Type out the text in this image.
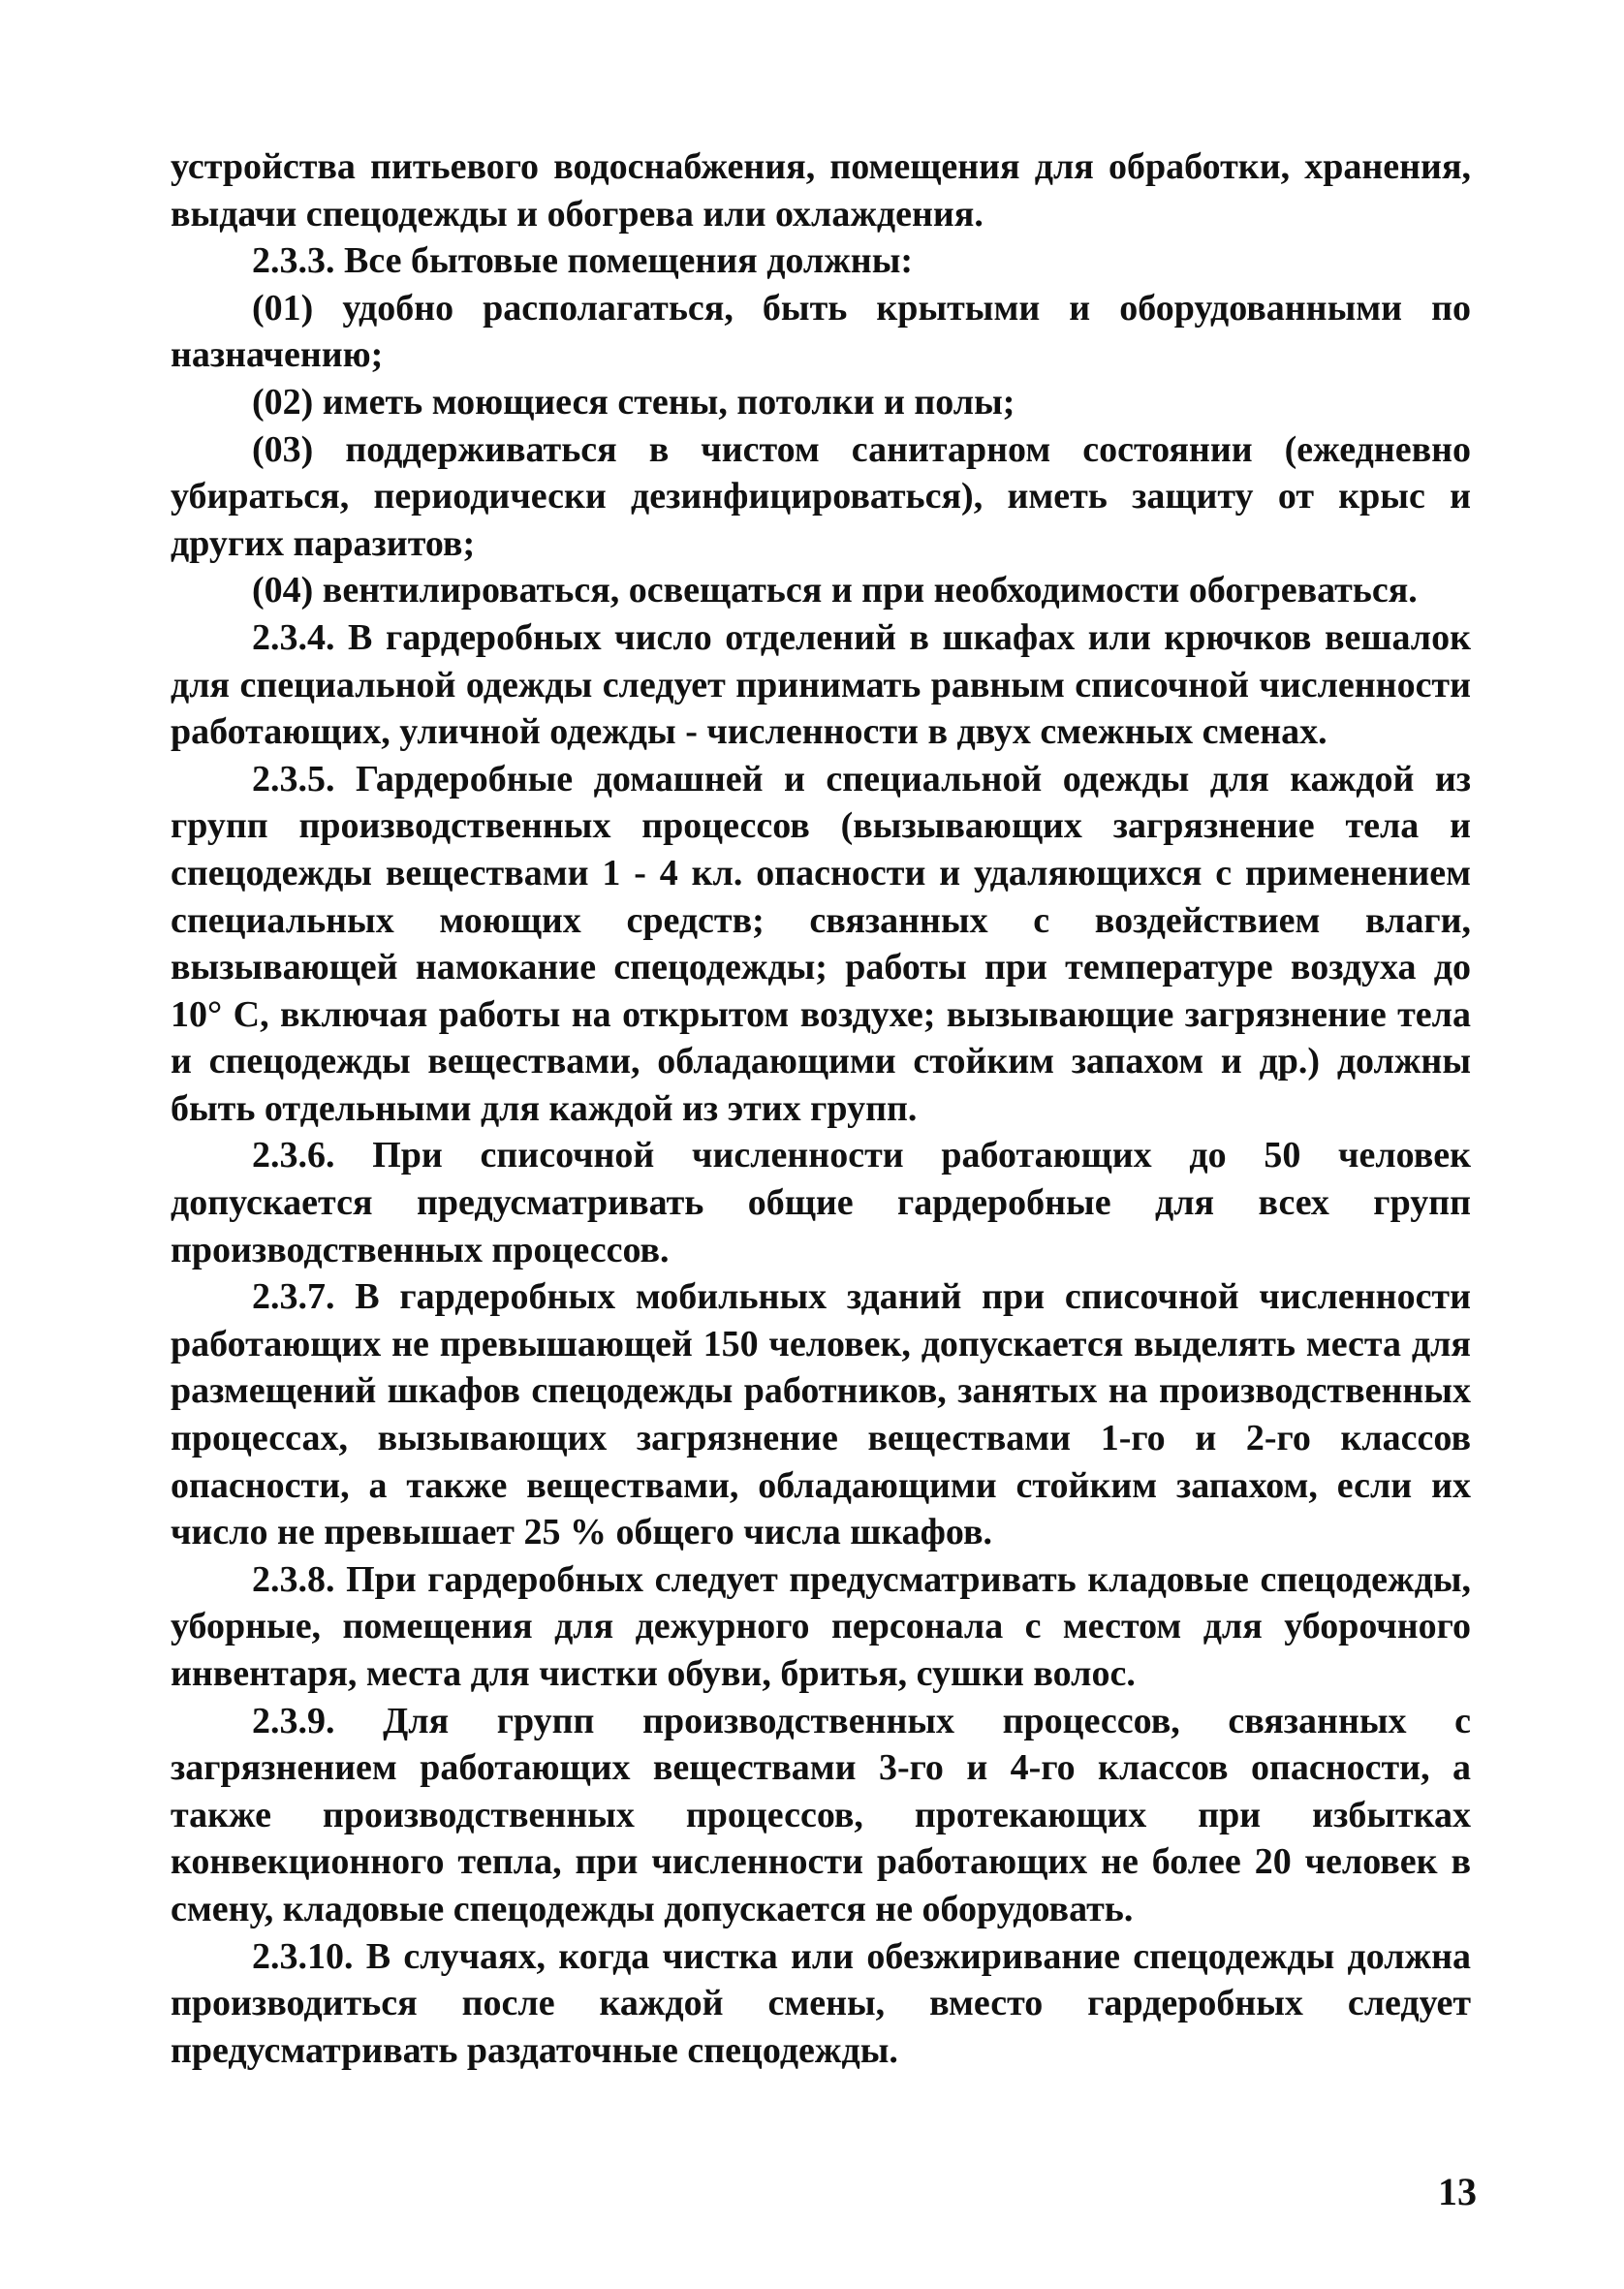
устройства питьевого водоснабжения, помещения для обработки, хранения, выдачи спецодежды и обогрева или охлаждения.

2.3.3. Все бытовые помещения должны:

(01) удобно располагаться, быть крытыми и оборудованными по назначению;

(02) иметь моющиеся стены, потолки и полы;

(03) поддерживаться в чистом санитарном состоянии (ежедневно убираться, периодически дезинфицироваться), иметь защиту от крыс и других паразитов;

(04) вентилироваться, освещаться и при необходимости обогреваться.

2.3.4. В гардеробных число отделений в шкафах или крючков вешалок для специальной одежды следует принимать равным списочной численности работающих, уличной одежды - численности в двух смежных сменах.

2.3.5. Гардеробные домашней и специальной одежды для каждой из групп производственных процессов (вызывающих загрязнение тела и спецодежды веществами 1 - 4 кл. опасности и удаляющихся с применением специальных моющих средств; связанных с воздействием влаги, вызывающей намокание спецодежды; работы при температуре воздуха до 10° С, включая работы на открытом воздухе; вызывающие загрязнение тела и спецодежды веществами, обладающими стойким запахом и др.) должны быть отдельными для каждой из этих групп.

2.3.6. При списочной численности работающих до 50 человек допускается предусматривать общие гардеробные для всех групп производственных процессов.

2.3.7. В гардеробных мобильных зданий при списочной численности работающих не превышающей 150 человек, допускается выделять места для размещений шкафов спецодежды работников, занятых на производственных процессах, вызывающих загрязнение веществами 1-го и 2-го классов опасности, а также веществами, обладающими стойким запахом, если их число не превышает 25 % общего числа шкафов.

2.3.8. При гардеробных следует предусматривать кладовые спецодежды, уборные, помещения для дежурного персонала с местом для уборочного инвентаря, места для чистки обуви, бритья, сушки волос.

2.3.9. Для групп производственных процессов, связанных с загрязнением работающих веществами 3-го и 4-го классов опасности, а также производственных процессов, протекающих при избытках конвекционного тепла, при численности работающих не более 20 человек в смену, кладовые спецодежды допускается не оборудовать.

2.3.10. В случаях, когда чистка или обезжиривание спецодежды должна производиться после каждой смены, вместо гардеробных следует предусматривать раздаточные спецодежды.

13
